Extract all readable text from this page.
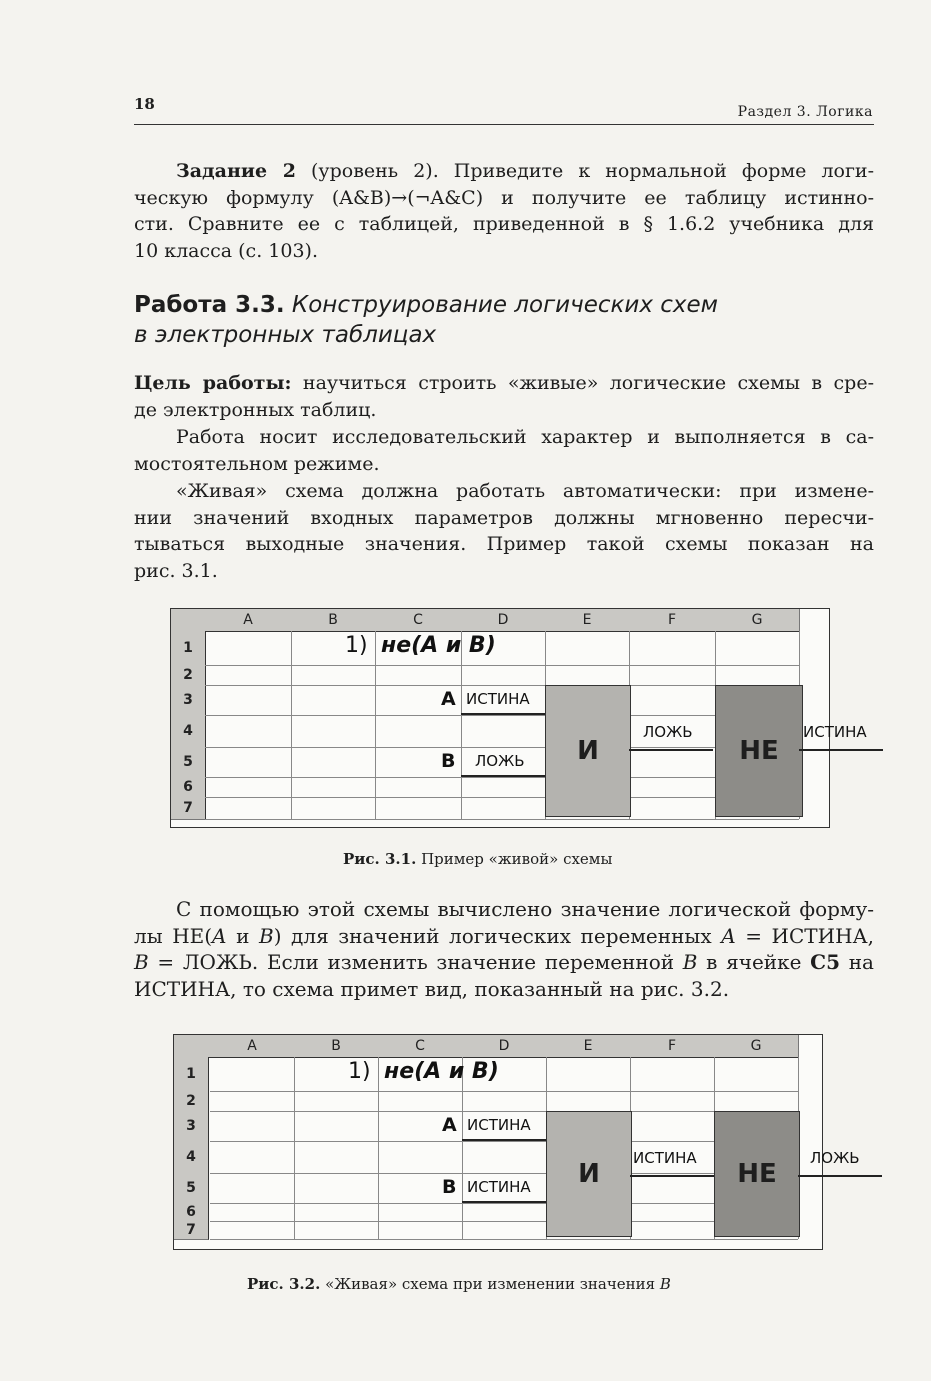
18	Раздел 3. Логика
Задание 2 (уровень 2). Приведите к нормальной форме логи-
ческую формулу (A&B)→(¬A&C) и получите ее таблицу истинно-
сти. Сравните ее с таблицей, приведенной в § 1.6.2 учебника для
10 класса (с. 103).
Работа 3.3. Конструирование логических схем
в электронных таблицах
Цель работы: научиться строить «живые» логические схемы в сре-
де электронных таблиц.
Работа носит исследовательский характер и выполняется в са-
мостоятельном режиме.
«Живая» схема должна работать автоматически: при измене-
нии значений входных параметров должны мгновенно пересчи-
тываться выходные значения. Пример такой схемы показан на
рис. 3.1.
A	B	C	D	E	F	G
1
2
3
4
5
6
7
1) не(A и B)
А ИСТИНА
В ЛОЖЬ	И	НЕ
ЛОЖЬ	ИСТИНА
Рис. 3.1. Пример «живой» схемы
С помощью этой схемы вычислено значение логической форму-
лы НЕ(A и B) для значений логических переменных A = ИСТИНА,
B = ЛОЖЬ. Если изменить значение переменной B в ячейке C5 на
ИСТИНА, то схема примет вид, показанный на рис. 3.2.
A	B	C	D	E	F	G
1
2
3
4
5
6
7
1) не(A и B)
А ИСТИНА
В ИСТИНА	И	НЕ
ИСТИНА	ЛОЖЬ
Рис. 3.2. «Живая» схема при изменении значения B
